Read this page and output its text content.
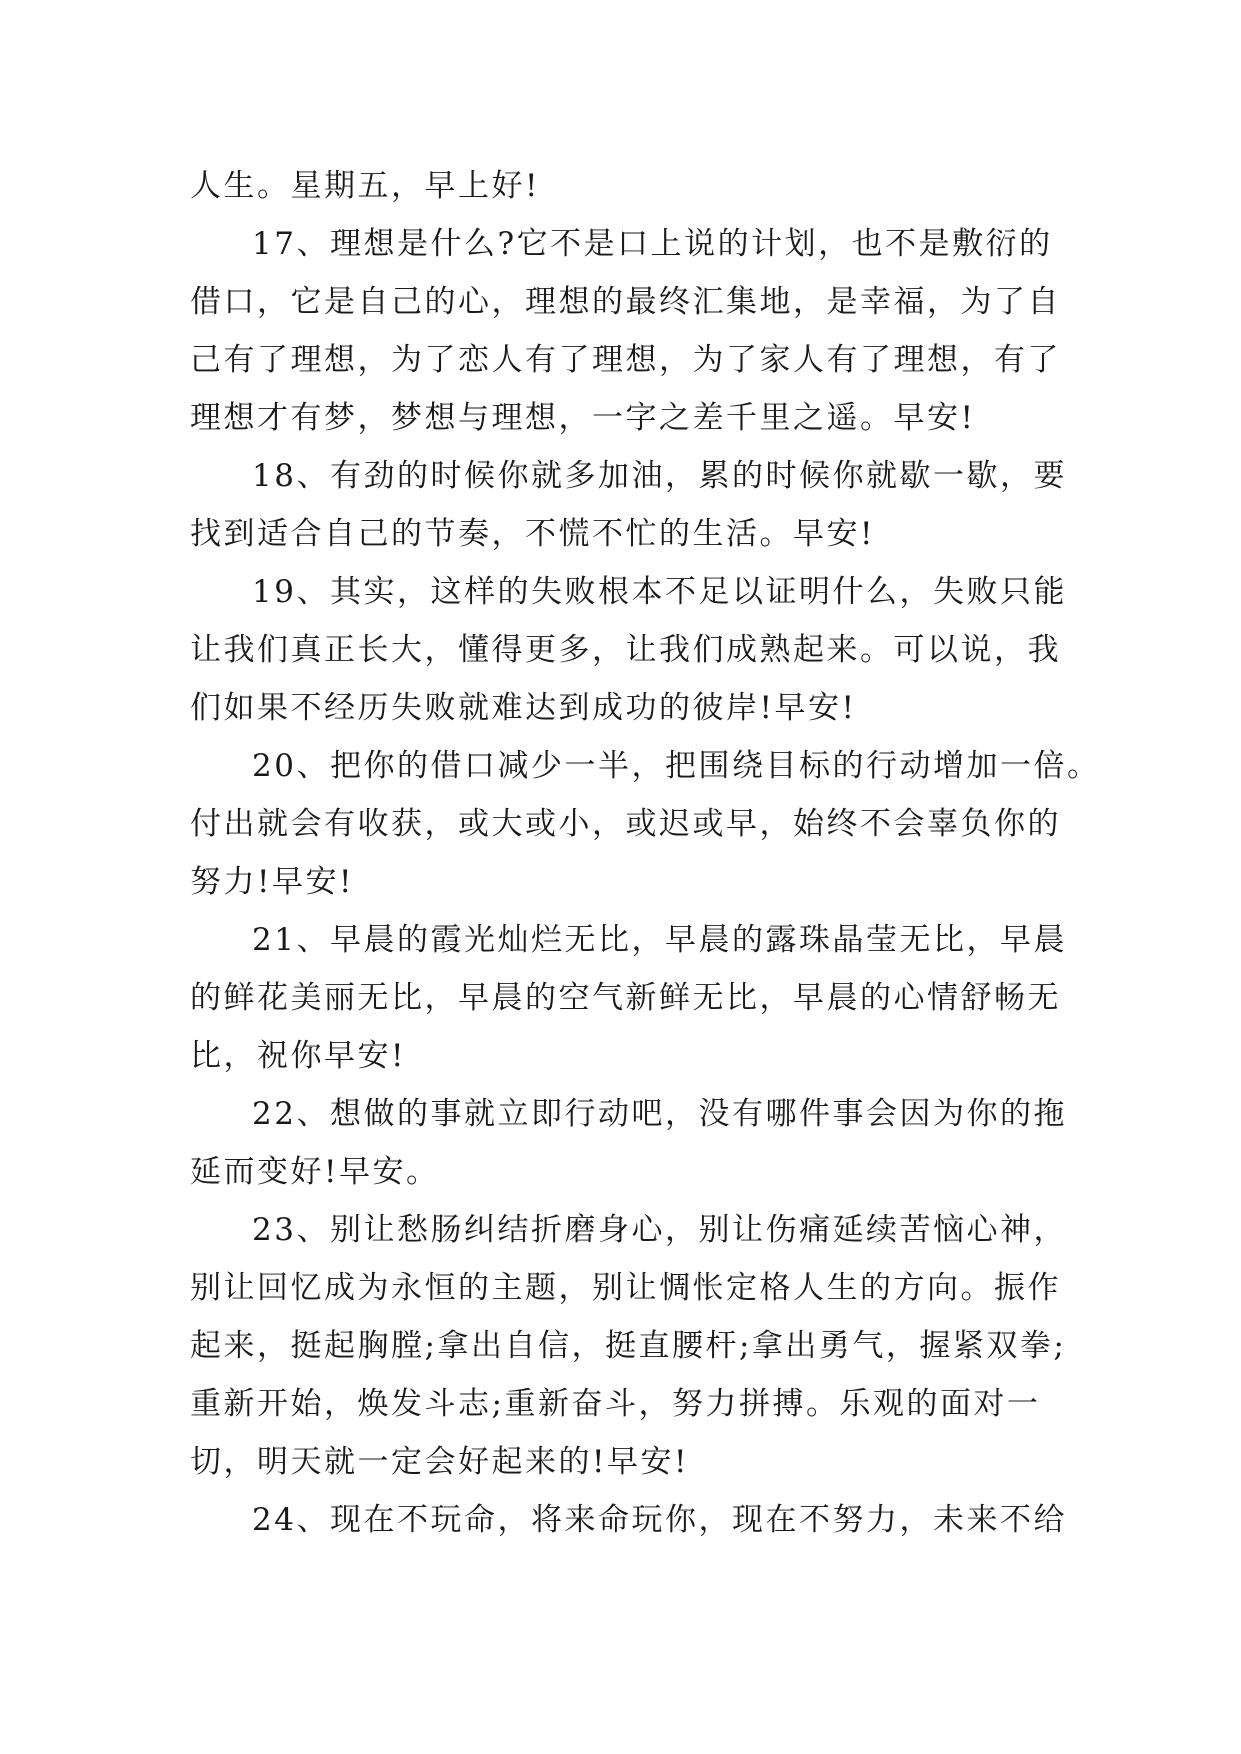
人生。星期五，早上好!
17、理想是什么?它不是口上说的计划，也不是敷衍的
借口，它是自己的心，理想的最终汇集地，是幸福，为了自
己有了理想，为了恋人有了理想，为了家人有了理想，有了
理想才有梦，梦想与理想，一字之差千里之遥。早安!
18、有劲的时候你就多加油，累的时候你就歇一歇，要
找到适合自己的节奏，不慌不忙的生活。早安!
19、其实，这样的失败根本不足以证明什么，失败只能
让我们真正长大，懂得更多，让我们成熟起来。可以说，我
们如果不经历失败就难达到成功的彼岸!早安!
20、把你的借口减少一半，把围绕目标的行动增加一倍。
付出就会有收获，或大或小，或迟或早，始终不会辜负你的
努力!早安!
21、早晨的霞光灿烂无比，早晨的露珠晶莹无比，早晨
的鲜花美丽无比，早晨的空气新鲜无比，早晨的心情舒畅无
比，祝你早安!
22、想做的事就立即行动吧，没有哪件事会因为你的拖
延而变好!早安。
23、别让愁肠纠结折磨身心，别让伤痛延续苦恼心神，
别让回忆成为永恒的主题，别让惆怅定格人生的方向。振作
起来，挺起胸膛;拿出自信，挺直腰杆;拿出勇气，握紧双拳;
重新开始，焕发斗志;重新奋斗，努力拼搏。乐观的面对一
切，明天就一定会好起来的!早安!
24、现在不玩命，将来命玩你，现在不努力，未来不给
